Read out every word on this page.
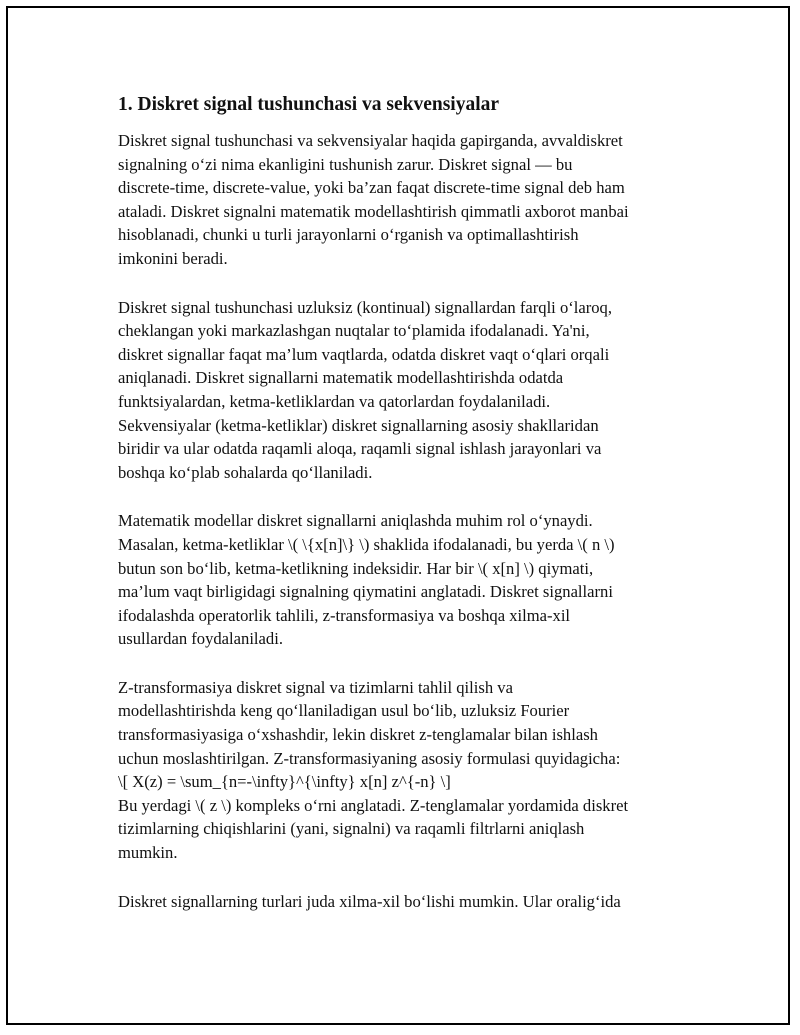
1. Diskret signal tushunchasi va sekvensiyalar

Diskret signal tushunchasi va sekvensiyalar haqida gapirganda, avvaldiskret
signalning o‘zi nima ekanligini tushunish zarur. Diskret signal — bu
discrete-time, discrete-value, yoki ba’zan faqat discrete-time signal deb ham
ataladi. Diskret signalni matematik modellashtirish qimmatli axborot manbai
hisoblanadi, chunki u turli jarayonlarni o‘rganish va optimallashtirish
imkonini beradi.

Diskret signal tushunchasi uzluksiz (kontinual) signallardan farqli o‘laroq,
cheklangan yoki markazlashgan nuqtalar to‘plamida ifodalanadi. Ya'ni,
diskret signallar faqat ma’lum vaqtlarda, odatda diskret vaqt o‘qlari orqali
aniqlanadi. Diskret signallarni matematik modellashtirishda odatda
funktsiyalardan, ketma-ketliklardan va qatorlardan foydalaniladi.
Sekvensiyalar (ketma-ketliklar) diskret signallarning asosiy shakllaridan
biridir va ular odatda raqamli aloqa, raqamli signal ishlash jarayonlari va
boshqa ko‘plab sohalarda qo‘llaniladi.

Matematik modellar diskret signallarni aniqlashda muhim rol o‘ynaydi.
Masalan, ketma-ketliklar \( \{x[n]\} \) shaklida ifodalanadi, bu yerda \( n \)
butun son bo‘lib, ketma-ketlikning indeksidir. Har bir \( x[n] \) qiymati,
ma’lum vaqt birligidagi signalning qiymatini anglatadi. Diskret signallarni
ifodalashda operatorlik tahlili, z-transformasiya va boshqa xilma-xil
usullardan foydalaniladi.

Z-transformasiya diskret signal va tizimlarni tahlil qilish va
modellashtirishda keng qo‘llaniladigan usul bo‘lib, uzluksiz Fourier
transformasiyasiga o‘xshashdir, lekin diskret z-tenglamalar bilan ishlash
uchun moslashtirilgan. Z-transformasiyaning asosiy formulasi quyidagicha:
\[ X(z) = \sum_{n=-\infty}^{\infty} x[n] z^{-n} \]
Bu yerdagi \( z \) kompleks o‘rni anglatadi. Z-tenglamalar yordamida diskret
tizimlarning chiqishlarini (yani, signalni) va raqamli filtrlarni aniqlash
mumkin.

Diskret signallarning turlari juda xilma-xil bo‘lishi mumkin. Ular oralig‘ida
